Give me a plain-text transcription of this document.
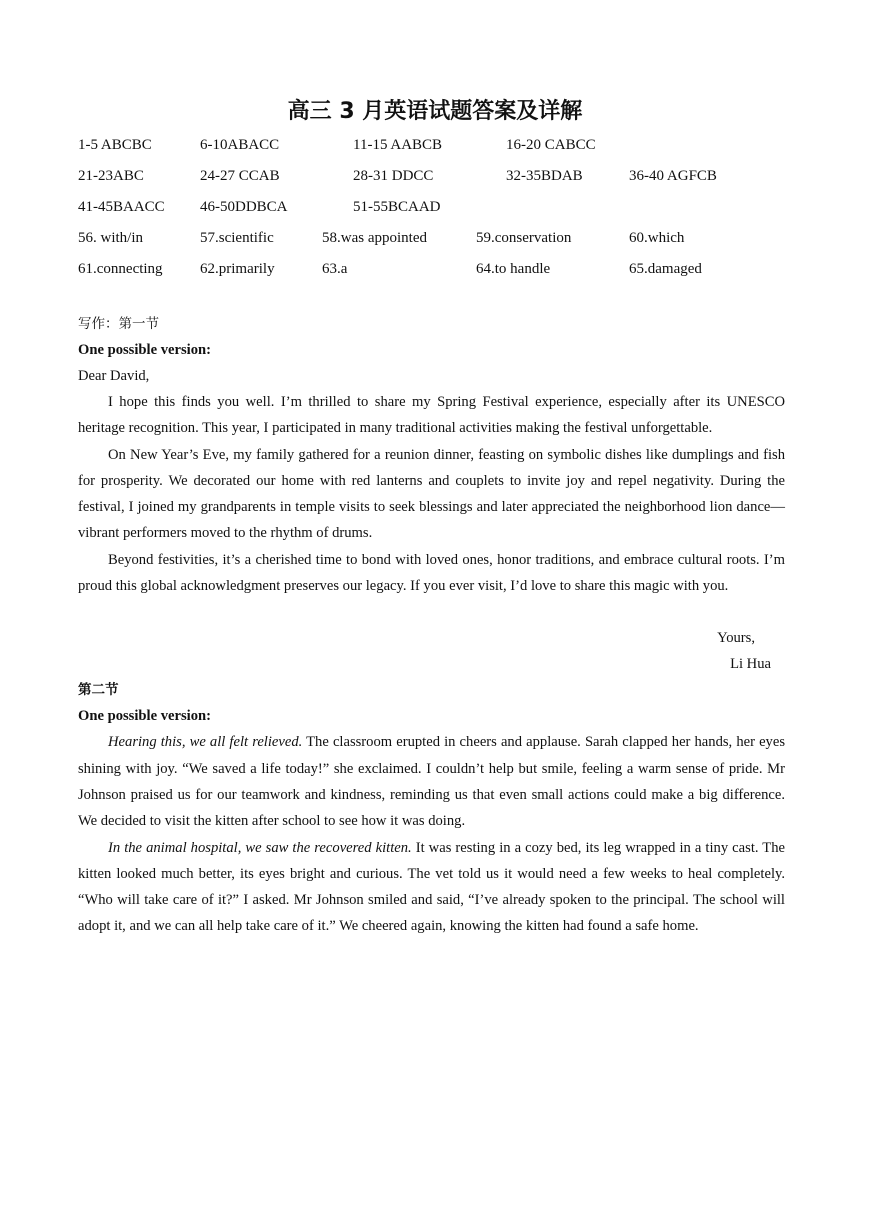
高三 3 月英语试题答案及详解
1-5 ABCBC	6-10ABACC	11-15 AABCB	16-20 CABCC
21-23ABC	24-27 CCAB	28-31 DDCC	32-35BDAB	36-40 AGFCB
41-45BAACC 46-50DDBCA	51-55BCAAD
56. with/in	57.scientific	58.was appointed	59.conservation	60.which
61.connecting 62.primarily	63.a	64.to handle	65.damaged
写作：第一节
One possible version:
Dear David,

I hope this finds you well. I’m thrilled to share my Spring Festival experience, especially after its UNESCO heritage recognition. This year, I participated in many traditional activities making the festival unforgettable.

On New Year’s Eve, my family gathered for a reunion dinner, feasting on symbolic dishes like dumplings and fish for prosperity. We decorated our home with red lanterns and couplets to invite joy and repel negativity. During the festival, I joined my grandparents in temple visits to seek blessings and later appreciated the neighborhood lion dance—vibrant performers moved to the rhythm of drums.

Beyond festivities, it’s a cherished time to bond with loved ones, honor traditions, and embrace cultural roots. I’m proud this global acknowledgment preserves our legacy. If you ever visit, I’d love to share this magic with you.

Yours,
Li Hua
第二节
One possible version:

Hearing this, we all felt relieved. The classroom erupted in cheers and applause. Sarah clapped her hands, her eyes shining with joy. “We saved a life today!” she exclaimed. I couldn’t help but smile, feeling a warm sense of pride. Mr Johnson praised us for our teamwork and kindness, reminding us that even small actions could make a big difference. We decided to visit the kitten after school to see how it was doing.

In the animal hospital, we saw the recovered kitten. It was resting in a cozy bed, its leg wrapped in a tiny cast. The kitten looked much better, its eyes bright and curious. The vet told us it would need a few weeks to heal completely. “Who will take care of it?” I asked. Mr Johnson smiled and said, “I’ve already spoken to the principal. The school will adopt it, and we can all help take care of it.” We cheered again, knowing the kitten had found a safe home.
